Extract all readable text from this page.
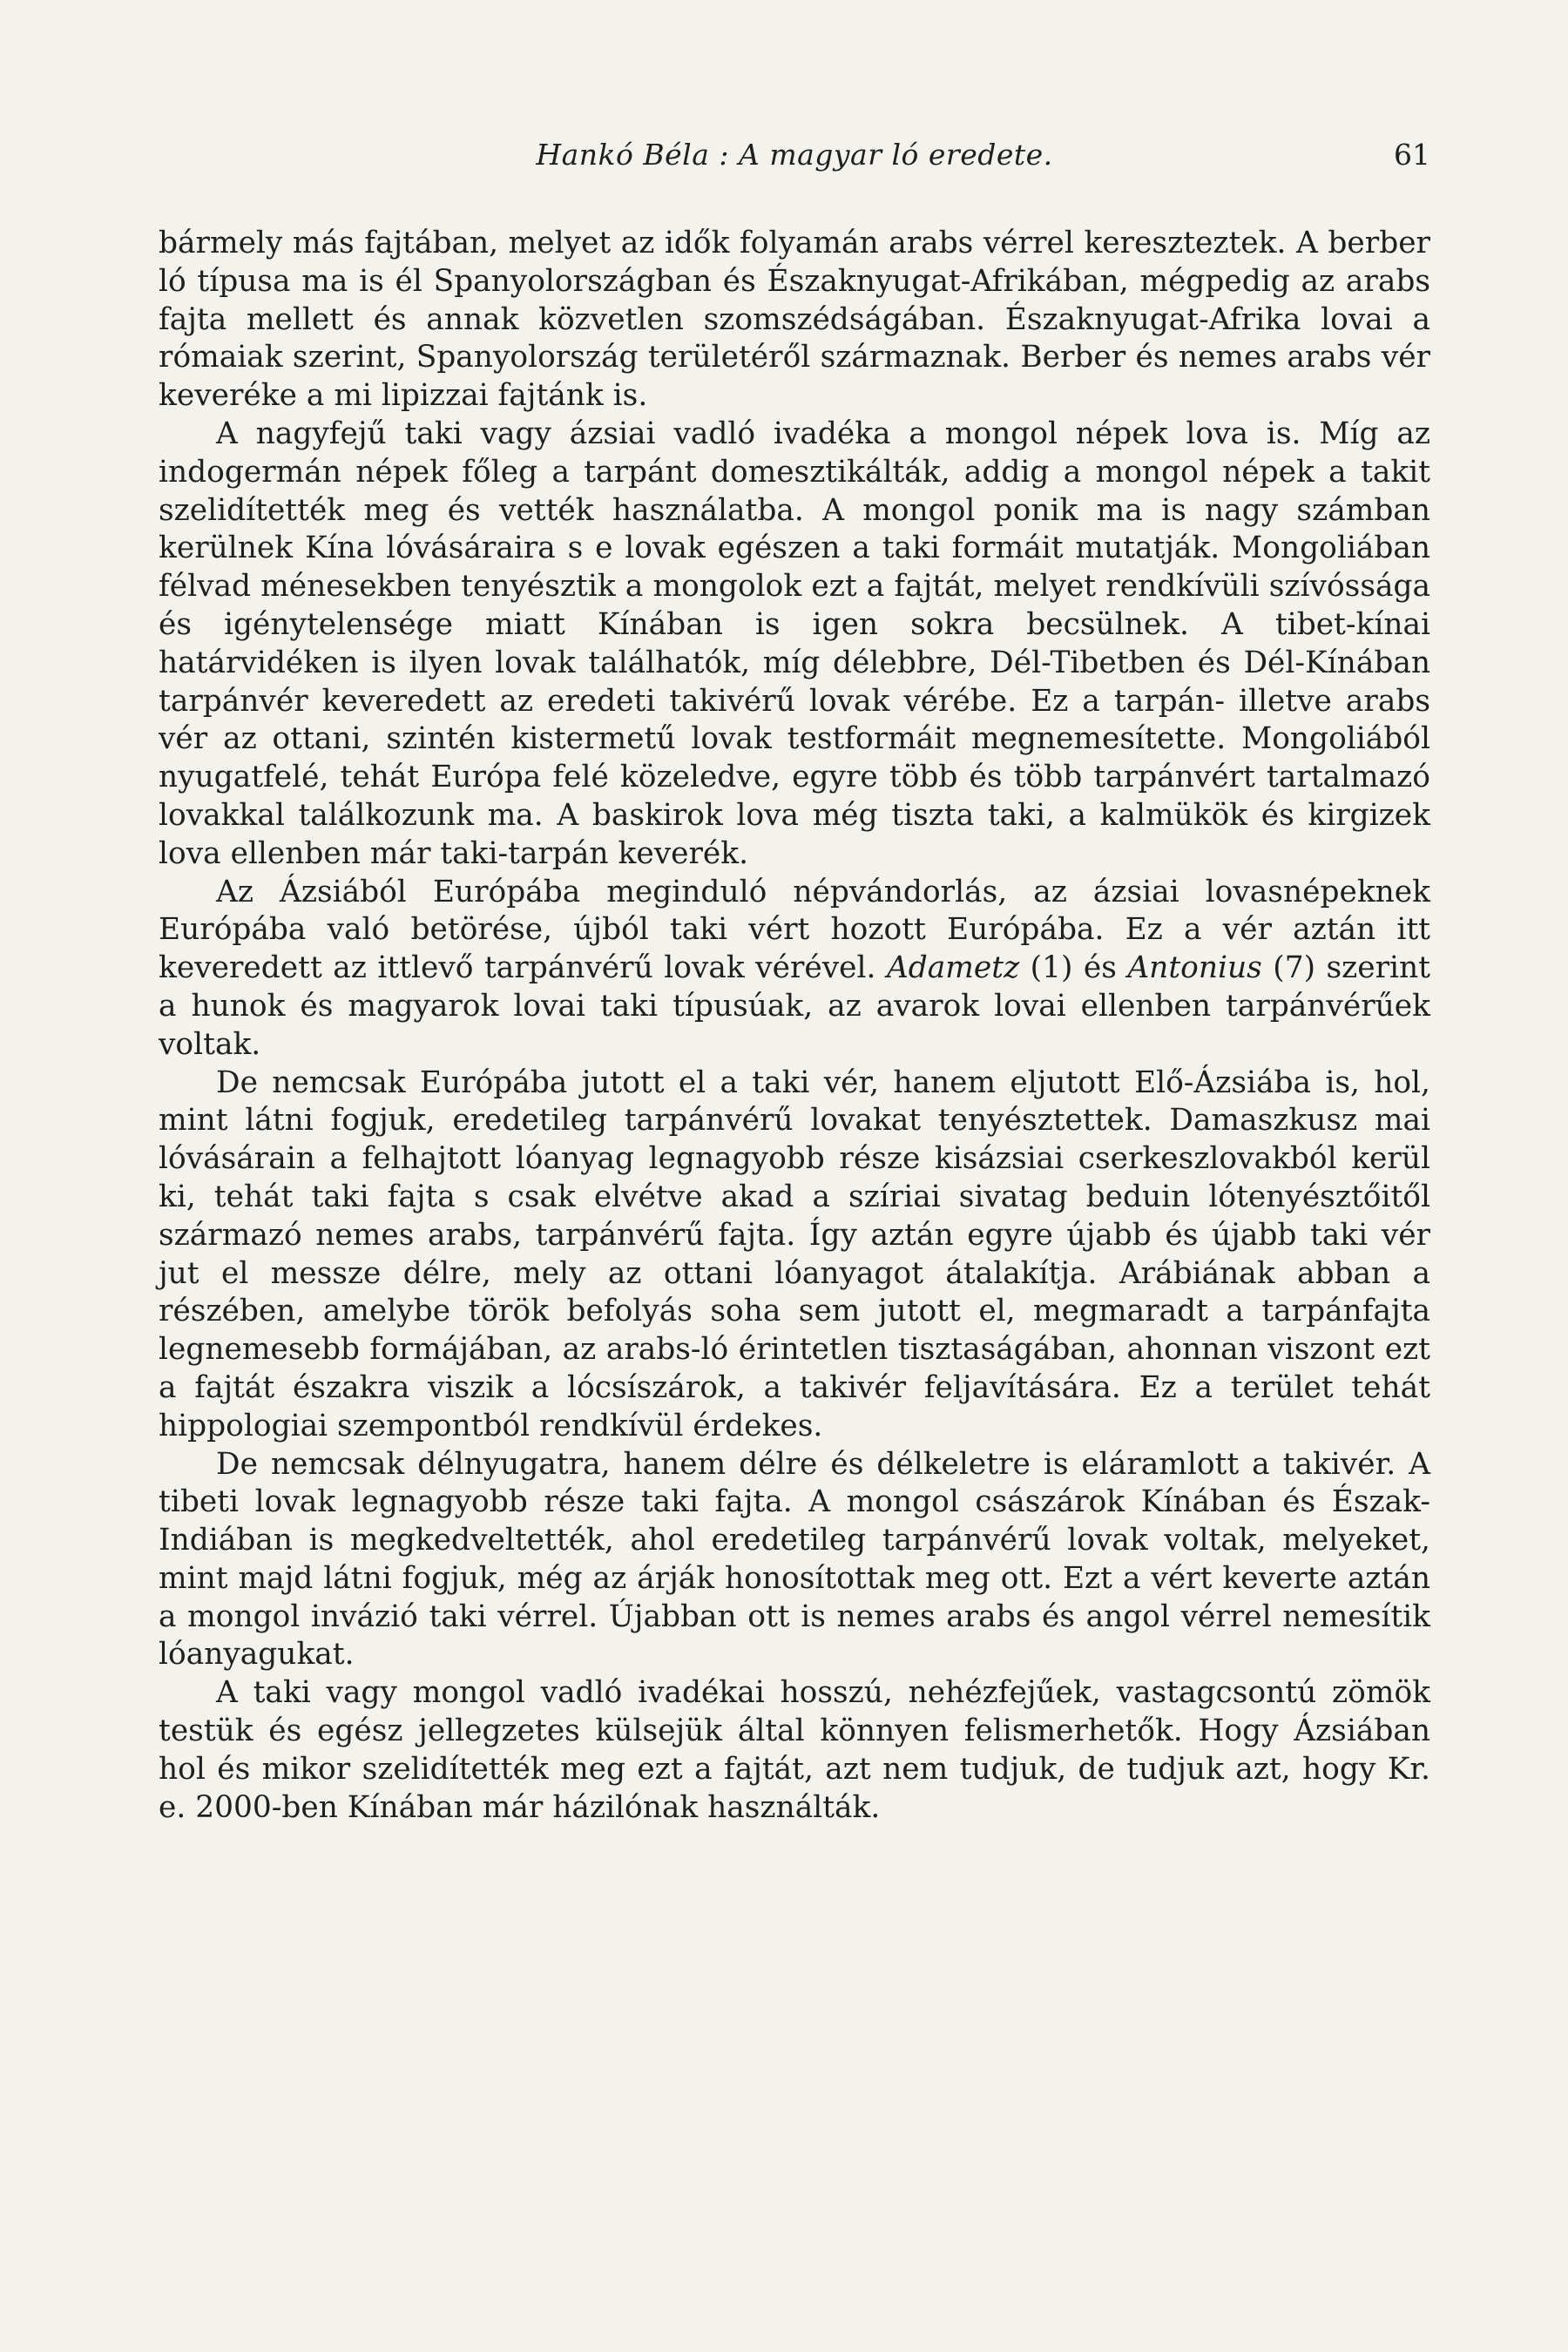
Hankó Béla : A magyar ló eredete.	61

bármely más fajtában, melyet az idők folyamán arabs vérrel kereszteztek. A berber ló típusa ma is él Spanyolországban és Északnyugat-Afrikában, mégpedig az arabs fajta mellett és annak közvetlen szomszédságában. Északnyugat-Afrika lovai a rómaiak szerint, Spanyolország területéről származnak. Berber és nemes arabs vér keveréke a mi lipizzai fajtánk is.

A nagyfejű taki vagy ázsiai vadló ivadéka a mongol népek lova is. Míg az indogermán népek főleg a tarpánt domesztikálták, addig a mongol népek a takit szelidítették meg és vették használatba. A mongol ponik ma is nagy számban kerülnek Kína lóvásáraira s e lovak egészen a taki formáit mutatják. Mongoliában félvad ménesekben tenyésztik a mongolok ezt a fajtát, melyet rendkívüli szívóssága és igénytelensége miatt Kínában is igen sokra becsülnek. A tibet-kínai határvidéken is ilyen lovak találhatók, míg délebbre, Dél-Tibetben és Dél-Kínában tarpánvér keveredett az eredeti takivérű lovak vérébe. Ez a tarpán- illetve arabs vér az ottani, szintén kistermetű lovak testformáit megnemesítette. Mongoliából nyugatfelé, tehát Európa felé közeledve, egyre több és több tarpánvért tartalmazó lovakkal találkozunk ma. A baskirok lova még tiszta taki, a kalmükök és kirgizek lova ellenben már taki-tarpán keverék.

Az Ázsiából Európába meginduló népvándorlás, az ázsiai lovasnépeknek Európába való betörése, újból taki vért hozott Európába. Ez a vér aztán itt keveredett az ittlevő tarpánvérű lovak vérével. Adametz (1) és Antonius (7) szerint a hunok és magyarok lovai taki típusúak, az avarok lovai ellenben tarpánvérűek voltak.

De nemcsak Európába jutott el a taki vér, hanem eljutott Elő-Ázsiába is, hol, mint látni fogjuk, eredetileg tarpánvérű lovakat tenyésztettek. Damaszkusz mai lóvásárain a felhajtott lóanyag legnagyobb része kisázsiai cserkeszlovakból kerül ki, tehát taki fajta s csak elvétve akad a szíriai sivatag beduin lótenyésztőitől származó nemes arabs, tarpánvérű fajta. Így aztán egyre újabb és újabb taki vér jut el messze délre, mely az ottani lóanyagot átalakítja. Arábiának abban a részében, amelybe török befolyás soha sem jutott el, megmaradt a tarpánfajta legnemesebb formájában, az arabs-ló érintetlen tisztaságában, ahonnan viszont ezt a fajtát északra viszik a lócsíszárok, a takivér feljavítására. Ez a terület tehát hippologiai szempontból rendkívül érdekes.

De nemcsak délnyugatra, hanem délre és délkeletre is eláramlott a takivér. A tibeti lovak legnagyobb része taki fajta. A mongol császárok Kínában és Észak-Indiában is megkedveltették, ahol eredetileg tarpánvérű lovak voltak, melyeket, mint majd látni fogjuk, még az árják honosítottak meg ott. Ezt a vért keverte aztán a mongol invázió taki vérrel. Újabban ott is nemes arabs és angol vérrel nemesítik lóanyagukat.

A taki vagy mongol vadló ivadékai hosszú, nehézfejűek, vastagcsontú zömök testük és egész jellegzetes külsejük által könnyen felismerhetők. Hogy Ázsiában hol és mikor szelidítették meg ezt a fajtát, azt nem tudjuk, de tudjuk azt, hogy Kr. e. 2000-ben Kínában már házilónak használták.
